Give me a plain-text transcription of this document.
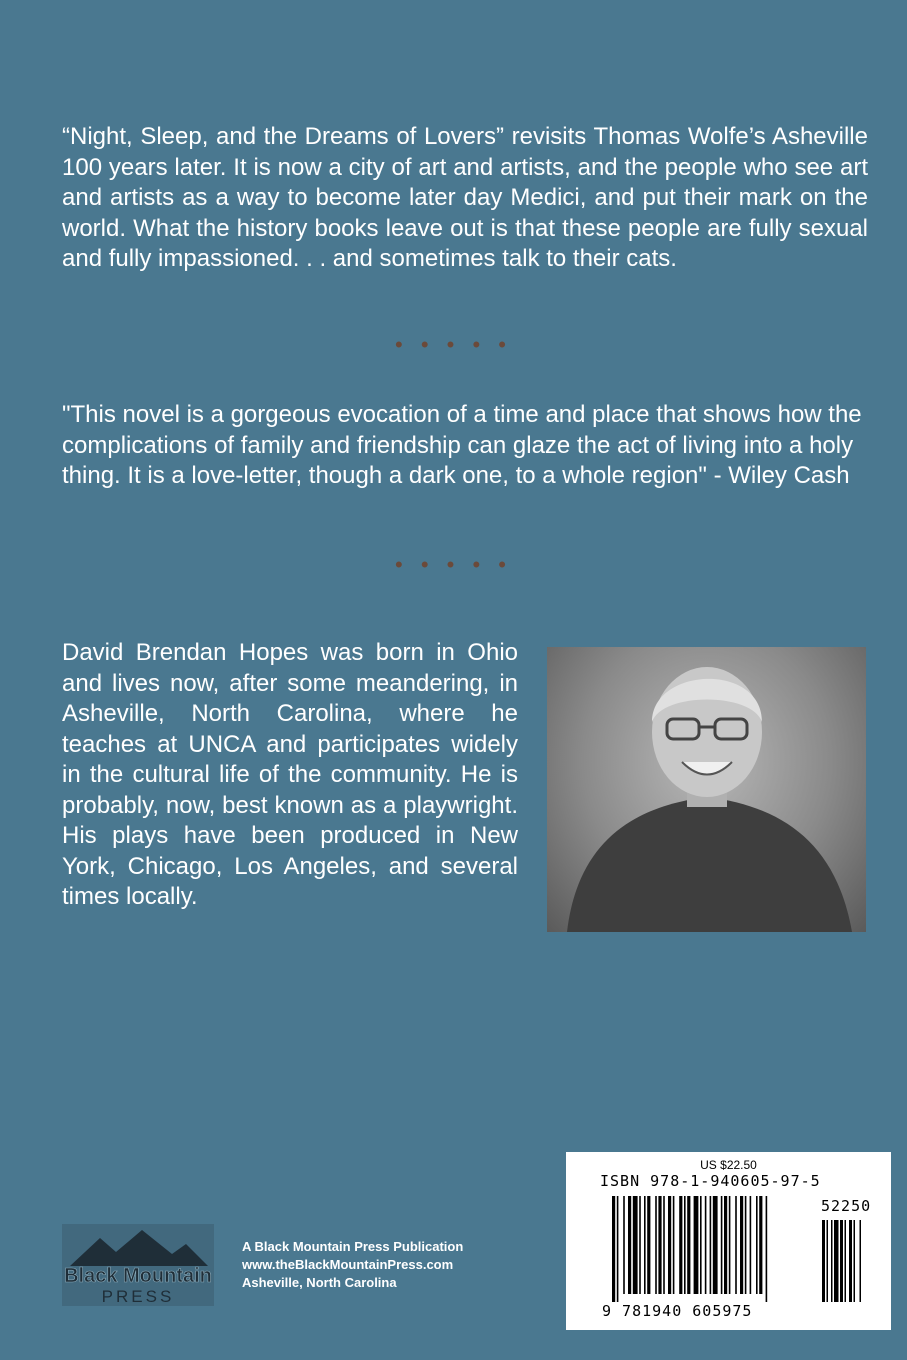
“Night, Sleep, and the Dreams of Lovers” revisits Thomas Wolfe’s Asheville 100 years later. It is now a city of art and artists, and the people who see art and artists as a way to become later day Medici, and put their mark on the world. What the history books leave out is that these people are fully sexual and fully impassioned. . . and sometimes talk to their cats.

• • • • •

"This novel is a gorgeous evocation of a time and place that shows how the complications of family and friendship can glaze the act of living into a holy thing. It is a love-letter, though a dark one, to a whole region" - Wiley Cash

• • • • •

David Brendan Hopes was born in Ohio and lives now, after some meandering, in Asheville, North Carolina, where he teaches at UNCA and participates widely in the cultural life of the community. He is probably, now, best known as a playwright. His plays have been produced in New York, Chicago, Los Angeles, and several times locally.

Black Mountain
PRESS
A Black Mountain Press Publication
www.theBlackMountainPress.com
Asheville, North Carolina
US $22.50
ISBN 978-1-940605-97-5
52250
9 781940 605975
